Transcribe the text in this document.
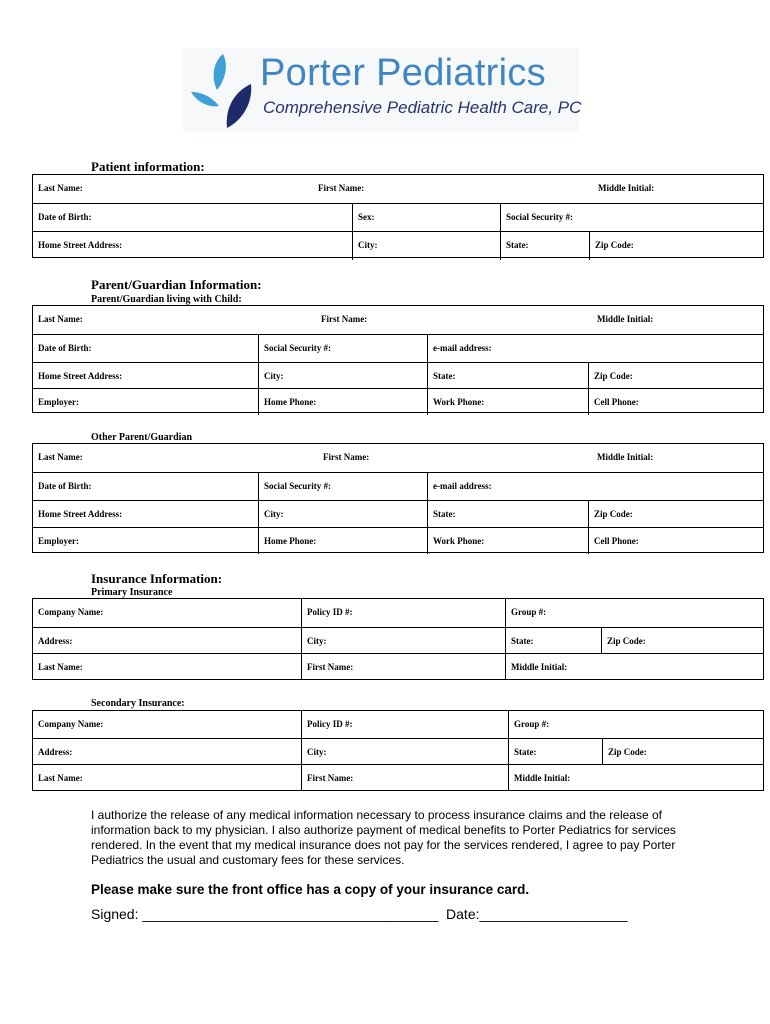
Porter Pediatrics
Comprehensive Pediatric Health Care, PC
Patient information:
Last Name:	First Name:	Middle Initial:
Date of Birth:	Sex:	Social Security #:
Home Street Address:	City:	State:	Zip Code:
Parent/Guardian Information:
Parent/Guardian living with Child:
Last Name:	First Name:	Middle Initial:
Date of Birth:	Social Security #:	e-mail address:
Home Street Address:	City:	State:	Zip Code:
Employer:	Home Phone:	Work Phone:	Cell Phone:
Other Parent/Guardian
Last Name:	First Name:	Middle Initial:
Date of Birth:	Social Security #:	e-mail address:
Home Street Address:	City:	State:	Zip Code:
Employer:	Home Phone:	Work Phone:	Cell Phone:
Insurance Information:
Primary Insurance
Company Name:	Policy ID #:	Group #:
Address:	City:	State:	Zip Code:
Last Name:	First Name:	Middle Initial:
Secondary Insurance:
Company Name:	Policy ID #:	Group #:
Address:	City:	State:	Zip Code:
Last Name:	First Name:	Middle Initial:
I authorize the release of any medical information necessary to process insurance claims and the release of information back to my physician. I also authorize payment of medical benefits to Porter Pediatrics for services rendered. In the event that my medical insurance does not pay for the services rendered, I agree to pay Porter Pediatrics the usual and customary fees for these services.
Please make sure the front office has a copy of your insurance card.
Signed: ______________________________________ Date:___________________
